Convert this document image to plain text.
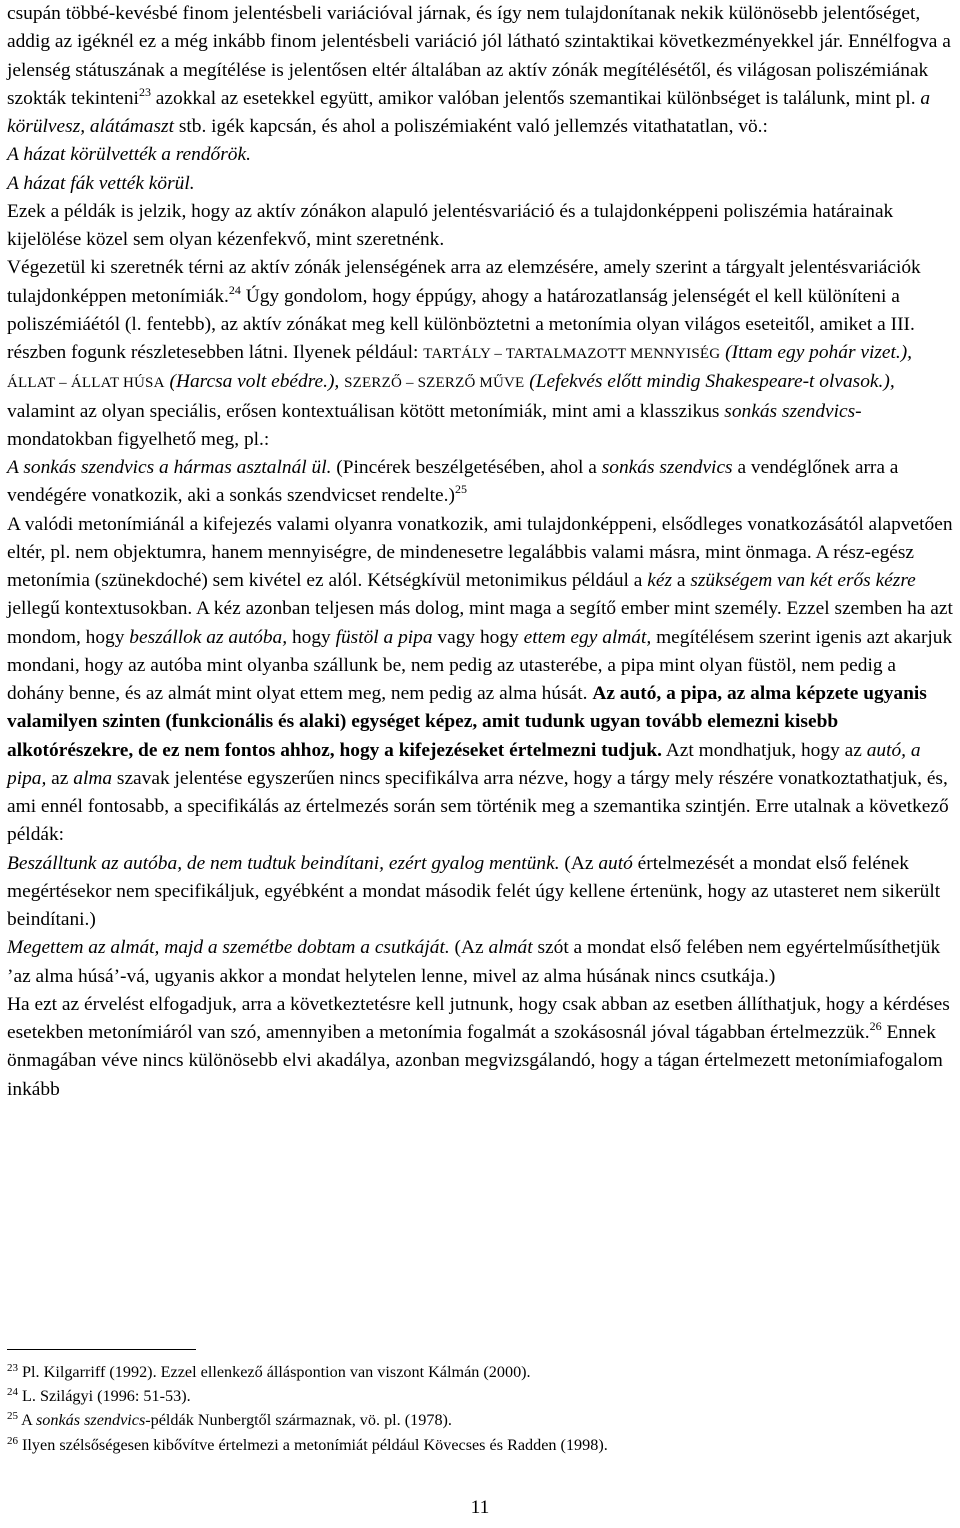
csupán többé-kevésbé finom jelentésbeli variációval járnak, és így nem tulajdonítanak nekik különösebb jelentőséget, addig az igéknél ez a még inkább finom jelentésbeli variáció jól látható szintaktikai következményekkel jár. Ennélfogva a jelenség státuszának a megítélése is jelentősen eltér általában az aktív zónák megítélésétől, és világosan poliszémiának szokták tekinteni$^{23}$ azokkal az esetekkel együtt, amikor valóban jelentős szemantikai különbséget is találunk, mint pl. a körülvesz, alátámaszt stb. igék kapcsán, és ahol a poliszémiaként való jellemzés vitathatatlan, vö.:

A házat körülvették a rendőrök.

A házat fák vették körül.

Ezek a példák is jelzik, hogy az aktív zónákon alapuló jelentésvariáció és a tulajdonképpeni poliszémia határainak kijelölése közel sem olyan kézenfekvő, mint szeretnénk.

Végezetül ki szeretnék térni az aktív zónák jelenségének arra az elemzésére, amely szerint a tárgyalt jelentésvariációk tulajdonképpen metonímiák.$^{24}$ Úgy gondolom, hogy éppúgy, ahogy a határozatlanság jelenségét el kell különíteni a poliszémiáétól (l. fentebb), az aktív zónákat meg kell különböztetni a metonímia olyan világos eseteitől, amiket a III. részben fogunk részletesebben látni. Ilyenek például: TARTÁLY – TARTALMAZOTT MENNYISÉG (Ittam egy pohár vizet.), ÁLLAT – ÁLLAT HÚSA (Harcsa volt ebédre.), SZERZŐ – SZERZŐ MŰVE (Lefekvés előtt mindig Shakespeare-t olvasok.), valamint az olyan speciális, erősen kontextuálisan kötött metonímiák, mint ami a klasszikus sonkás szendvics-mondatokban figyelhető meg, pl.:

A sonkás szendvics a hármas asztalnál ül. (Pincérek beszélgetésében, ahol a sonkás szendvics a vendéglőnek arra a vendégére vonatkozik, aki a sonkás szendvicset rendelte.)$^{25}$

A valódi metonímiánál a kifejezés valami olyanra vonatkozik, ami tulajdonképpeni, elsődleges vonatkozásától alapvetően eltér, pl. nem objektumra, hanem mennyiségre, de mindenesetre legalábbis valami másra, mint önmaga. A rész-egész metonímia (szünekdoché) sem kivétel ez alól. Kétségkívül metonimikus például a kéz a szükségem van két erős kézre jellegű kontextusokban. A kéz azonban teljesen más dolog, mint maga a segítő ember mint személy. Ezzel szemben ha azt mondom, hogy beszállok az autóba, hogy füstöl a pipa vagy hogy ettem egy almát, megítélésem szerint igenis azt akarjuk mondani, hogy az autóba mint olyanba szállunk be, nem pedig az utasterébe, a pipa mint olyan füstöl, nem pedig a dohány benne, és az almát mint olyat ettem meg, nem pedig az alma húsát. Az autó, a pipa, az alma képzete ugyanis valamilyen szinten (funkcionális és alaki) egységet képez, amit tudunk ugyan tovább elemezni kisebb alkotórészekre, de ez nem fontos ahhoz, hogy a kifejezéseket értelmezni tudjuk. Azt mondhatjuk, hogy az autó, a pipa, az alma szavak jelentése egyszerűen nincs specifikálva arra nézve, hogy a tárgy mely részére vonatkoztathatjuk, és, ami ennél fontosabb, a specifikálás az értelmezés során sem történik meg a szemantika szintjén. Erre utalnak a következő példák:

Beszálltunk az autóba, de nem tudtuk beindítani, ezért gyalog mentünk. (Az autó értelmezését a mondat első felének megértésekor nem specifikáljuk, egyébként a mondat második felét úgy kellene értenünk, hogy az utasteret nem sikerült beindítani.)

Megettem az almát, majd a szemétbe dobtam a csutkáját. (Az almát szót a mondat első felében nem egyértelműsíthetjük ’az alma húsá’-vá, ugyanis akkor a mondat helytelen lenne, mivel az alma húsának nincs csutkája.)

Ha ezt az érvelést elfogadjuk, arra a következtetésre kell jutnunk, hogy csak abban az esetben állíthatjuk, hogy a kérdéses esetekben metonímiáról van szó, amennyiben a metonímia fogalmát a szokásosnál jóval tágabban értelmezzük.$^{26}$ Ennek önmagában véve nincs különösebb elvi akadálya, azonban megvizsgálandó, hogy a tágan értelmezett metonímiafogalom inkább

$^{23}$ Pl. Kilgarriff (1992). Ezzel ellenkező álláspontion van viszont Kálmán (2000).

$^{24}$ L. Szilágyi (1996: 51-53).

$^{25}$ A sonkás szendvics-példák Nunbergtől származnak, vö. pl. (1978).

$^{26}$ Ilyen szélsőségesen kibővítve értelmezi a metonímiát például Kövecses és Radden (1998).

11
